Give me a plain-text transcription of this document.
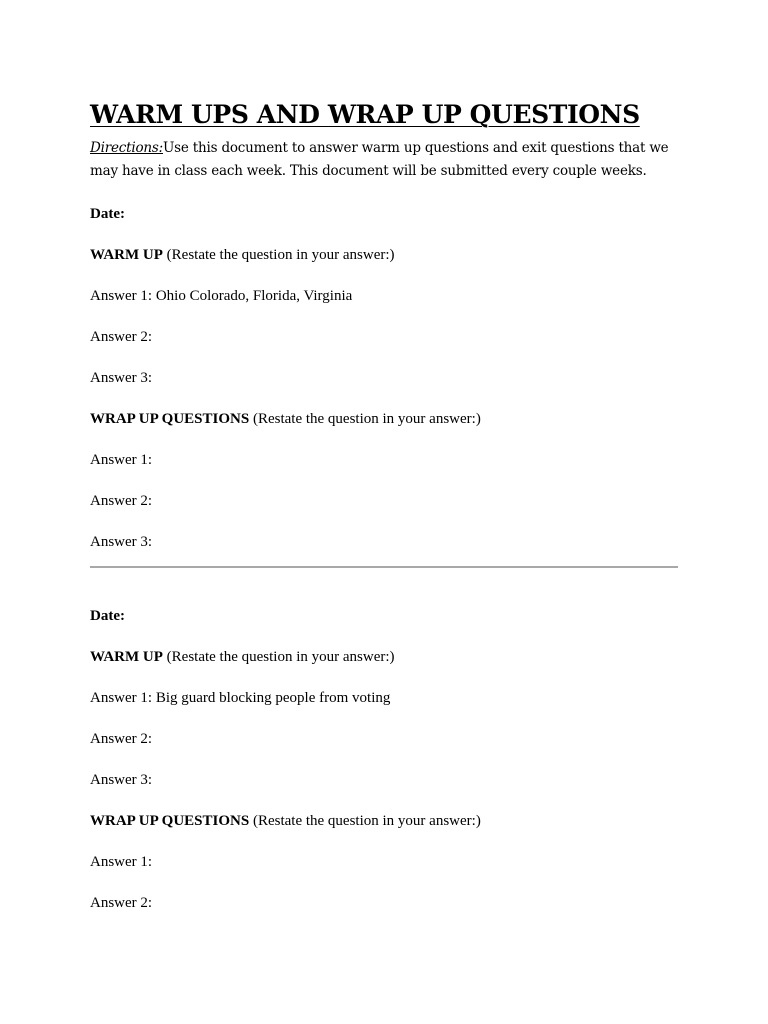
WARM UPS AND WRAP UP QUESTIONS

Directions:Use this document to answer warm up questions and exit questions that we may have in class each week. This document will be submitted every couple weeks.

Date:
WARM UP (Restate the question in your answer:)
Answer 1: Ohio Colorado, Florida, Virginia
Answer 2:
Answer 3:
WRAP UP QUESTIONS (Restate the question in your answer:)
Answer 1:
Answer 2:
Answer 3:
Date:
WARM UP (Restate the question in your answer:)
Answer 1: Big guard blocking people from voting
Answer 2:
Answer 3:
WRAP UP QUESTIONS (Restate the question in your answer:)
Answer 1:
Answer 2:
